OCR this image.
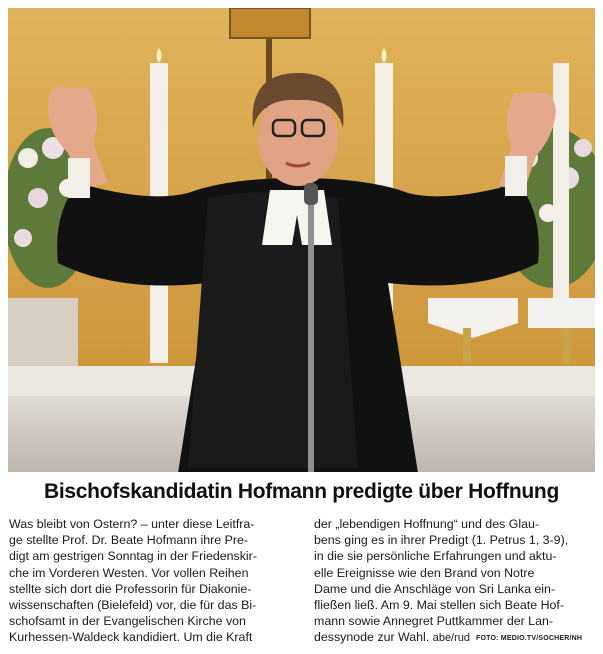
Bischofskandidatin Hofmann predigte über Hoffnung

Was bleibt von Ostern? – unter diese Leitfra-

ge stellte Prof. Dr. Beate Hofmann ihre Pre-

digt am gestrigen Sonntag in der Friedenskir-

che im Vorderen Westen. Vor vollen Reihen

stellte sich dort die Professorin für Diakonie-

wissenschaften (Bielefeld) vor, die für das Bi-

schofsamt in der Evangelischen Kirche von

Kurhessen-Waldeck kandidiert. Um die Kraft

der „lebendigen Hoffnung“ und des Glau-

bens ging es in ihrer Predigt (1. Petrus 1, 3-9),

in die sie persönliche Erfahrungen und aktu-

elle Ereignisse wie den Brand von Notre

Dame und die Anschläge von Sri Lanka ein-

fließen ließ. Am 9. Mai stellen sich Beate Hof-

mann sowie Annegret Puttkammer der Lan-

dessynode zur Wahl. abe/rud FOTO: MEDIO.TV/SOCHER/NH
